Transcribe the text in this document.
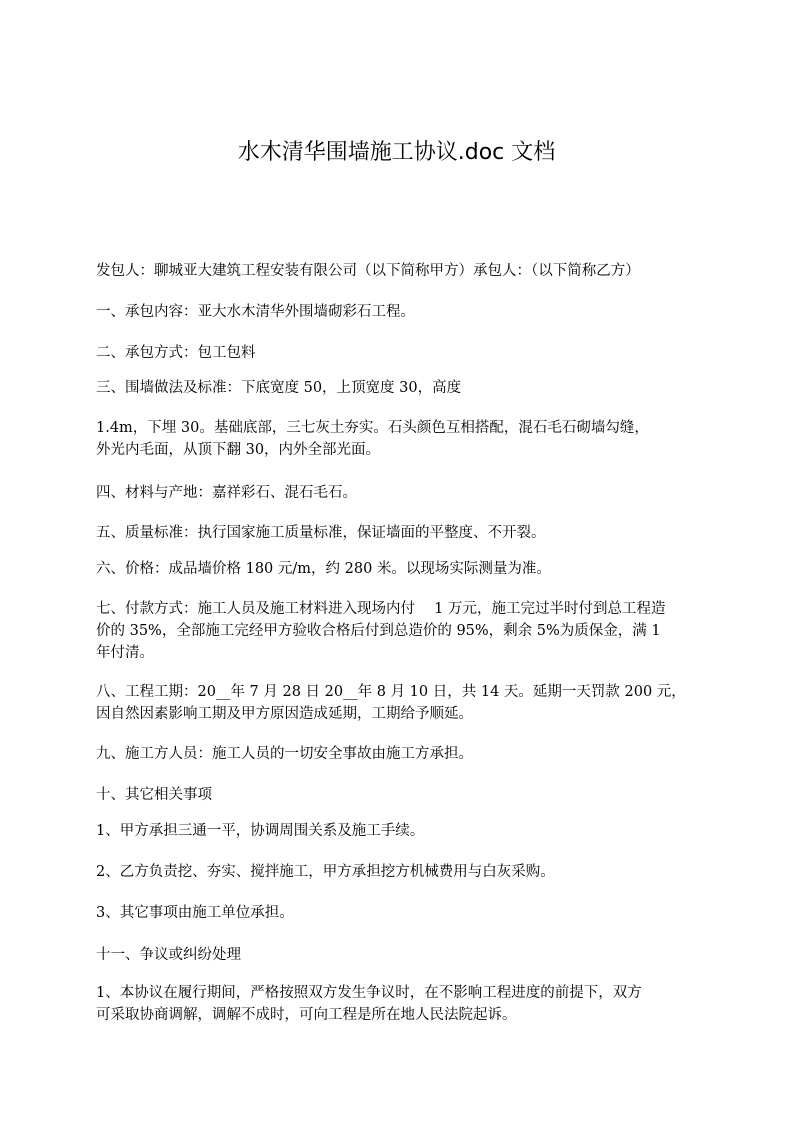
水木清华围墙施工协议.doc 文档
发包人：聊城亚大建筑工程安装有限公司（以下简称甲方）承包人：（以下简称乙方）
一、承包内容：亚大水木清华外围墙砌彩石工程。
二、承包方式：包工包料
三、围墙做法及标准：下底宽度 50，上顶宽度 30，高度
1.4m，下埋 30。基础底部，三七灰土夯实。石头颜色互相搭配，混石毛石砌墙勾缝，
外光内毛面，从顶下翻 30，内外全部光面。
四、材料与产地：嘉祥彩石、混石毛石。
五、质量标准：执行国家施工质量标准，保证墙面的平整度、不开裂。
六、价格：成品墙价格 180 元/m，约 280 米。以现场实际测量为准。
七、付款方式：施工人员及施工材料进入现场内付　 1 万元，施工完过半时付到总工程造
价的 35%，全部施工完经甲方验收合格后付到总造价的 95%，剩余 5%为质保金，满 1
年付清。
八、工程工期：20__年 7 月 28 日 20__年 8 月 10 日，共 14 天。延期一天罚款 200 元，
因自然因素影响工期及甲方原因造成延期，工期给予顺延。
九、施工方人员：施工人员的一切安全事故由施工方承担。
十、其它相关事项
1、甲方承担三通一平，协调周围关系及施工手续。
2、乙方负责挖、夯实、搅拌施工，甲方承担挖方机械费用与白灰采购。
3、其它事项由施工单位承担。
十一、争议或纠纷处理
1、本协议在履行期间，严格按照双方发生争议时，在不影响工程进度的前提下，双方
可采取协商调解，调解不成时，可向工程是所在地人民法院起诉。
